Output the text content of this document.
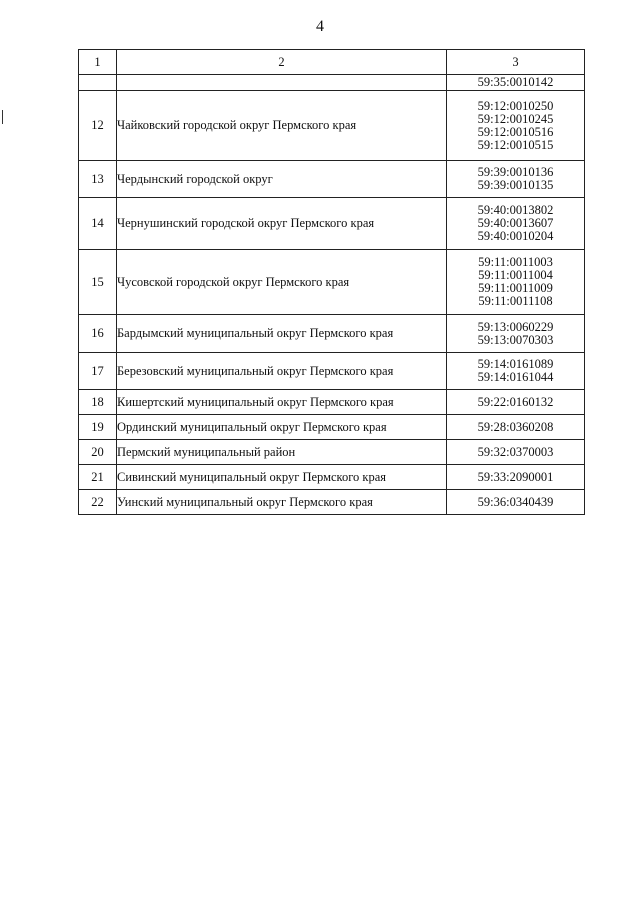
4
1	2	3

		59:35:0010142

12	Чайковский городской округ Пермского края	59:12:0010250
59:12:0010245
59:12:0010516
59:12:0010515

13	Чердынский городской округ	59:39:0010136
59:39:0010135

14	Чернушинский городской округ Пермского края	59:40:0013802
59:40:0013607
59:40:0010204

15	Чусовской городской округ Пермского края	59:11:0011003
59:11:0011004
59:11:0011009
59:11:0011108

16	Бардымский муниципальный округ Пермского края	59:13:0060229
59:13:0070303

17	Березовский муниципальный округ Пермского края	59:14:0161089
59:14:0161044

18	Кишертский муниципальный округ Пермского края	59:22:0160132

19	Ординский муниципальный округ Пермского края	59:28:0360208

20	Пермский муниципальный район	59:32:0370003

21	Сивинский муниципальный округ Пермского края	59:33:2090001

22	Уинский муниципальный округ Пермского края	59:36:0340439
